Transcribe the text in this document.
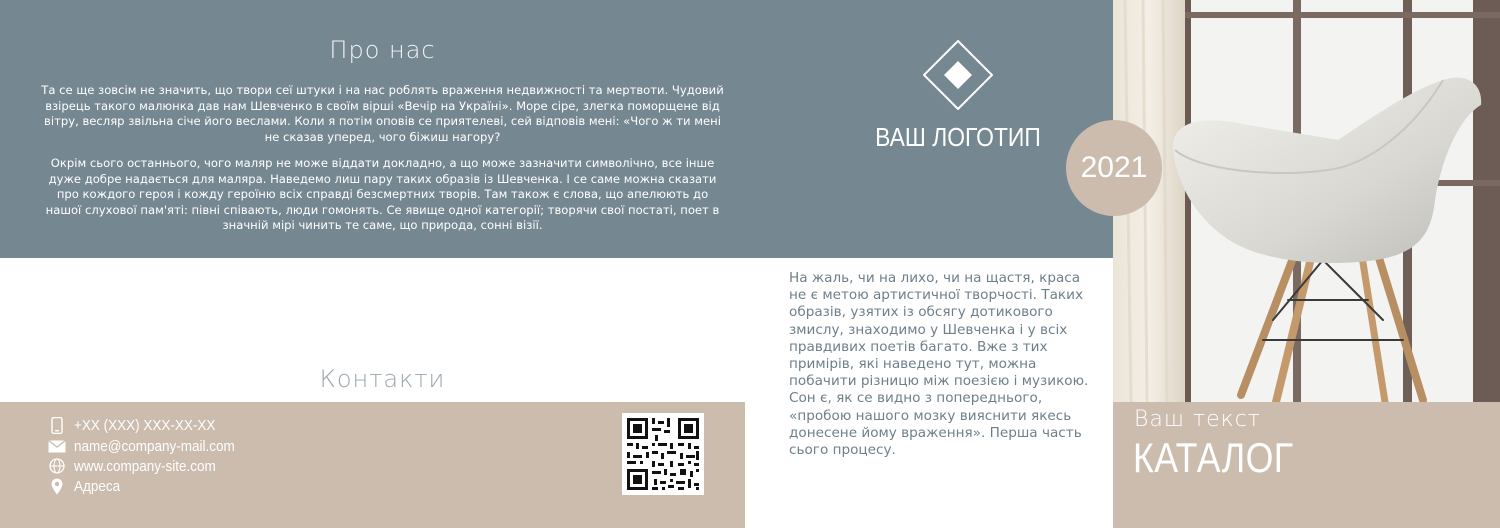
Про нас
Та се ще зовсім не значить, що твори сеї штуки і на нас роблять враження недвижності та мертвоти. Чудовий взірець такого малюнка дав нам Шевченко в своїм вірші «Вечір на Україні». Море сіре, злегка поморщене від вітру, весляр звільна січе його веслами. Коли я потім оповів се приятелеві, сей відповів мені: «Чого ж ти мені не сказав уперед, чого біжиш нагору?
Окрім сього останнього, чого маляр не може віддати докладно, а що може зазначити символічно, все інше дуже добре надається для маляра. Наведемо лиш пару таких образів із Шевченка. І се саме можна сказати про кождого героя і кожду героїню всіх справді безсмертних творів. Там також є слова, що апелюють до нашої слухової пам'яті: півні співають, люди гомонять. Се явище одної категорії; творячи свої постаті, поет в значній мірі чинить те саме, що природа, сонні візії.
ВАШ ЛОГОТИП
2021
Ваш текст
КАТАЛОГ
На жаль, чи на лихо, чи на щастя, краса не є метою артистичної творчості. Таких образів, узятих із обсягу дотикового змислу, знаходимо у Шевченка і у всіх правдивих поетів багато. Вже з тих примірів, які наведено тут, можна побачити різницю між поезією і музикою. Сон є, як се видно з попереднього, «пробою нашого мозку вияснити якесь донесене йому враження». Перша часть сього процесу.
Контакти
+XX (XXX) XXX-XX-XX
name@company-mail.com
www.company-site.com
Адреса
